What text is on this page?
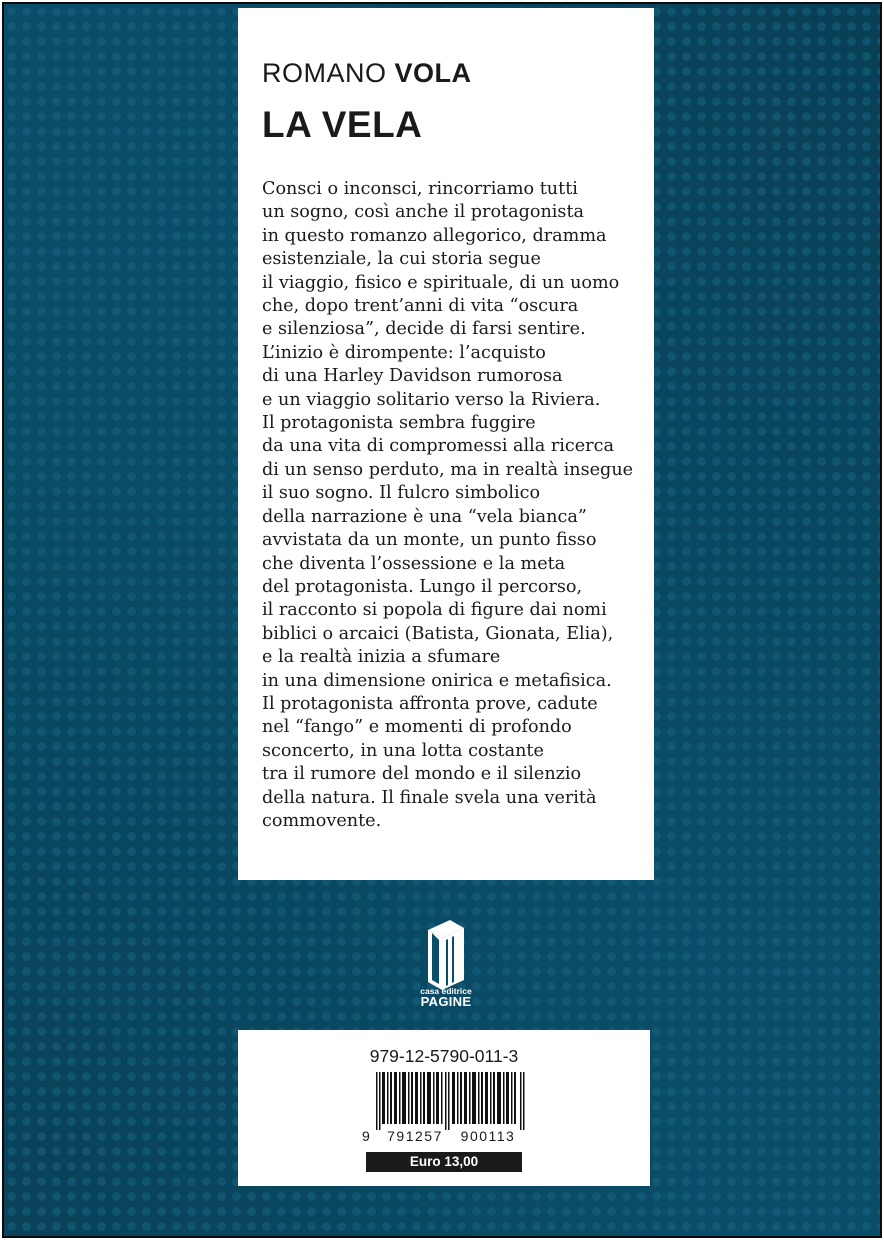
ROMANO VOLA

LA VELA
Consci o inconsci, rincorriamo tutti
un sogno, così anche il protagonista
in questo romanzo allegorico, dramma
esistenziale, la cui storia segue
il viaggio, fisico e spirituale, di un uomo
che, dopo trent’anni di vita “oscura
e silenziosa”, decide di farsi sentire.
L’inizio è dirompente: l’acquisto
di una Harley Davidson rumorosa
e un viaggio solitario verso la Riviera.
Il protagonista sembra fuggire
da una vita di compromessi alla ricerca
di un senso perduto, ma in realtà insegue
il suo sogno. Il fulcro simbolico
della narrazione è una “vela bianca”
avvistata da un monte, un punto fisso
che diventa l’ossessione e la meta
del protagonista. Lungo il percorso,
il racconto si popola di figure dai nomi
biblici o arcaici (Batista, Gionata, Elia),
e la realtà inizia a sfumare
in una dimensione onirica e metafisica.
Il protagonista affronta prove, cadute
nel “fango” e momenti di profondo
sconcerto, in una lotta costante
tra il rumore del mondo e il silenzio
della natura. Il finale svela una verità
commovente.
casa editrice
PAGINE
979-12-5790-011-3
9	791257	900113
Euro 13,00
